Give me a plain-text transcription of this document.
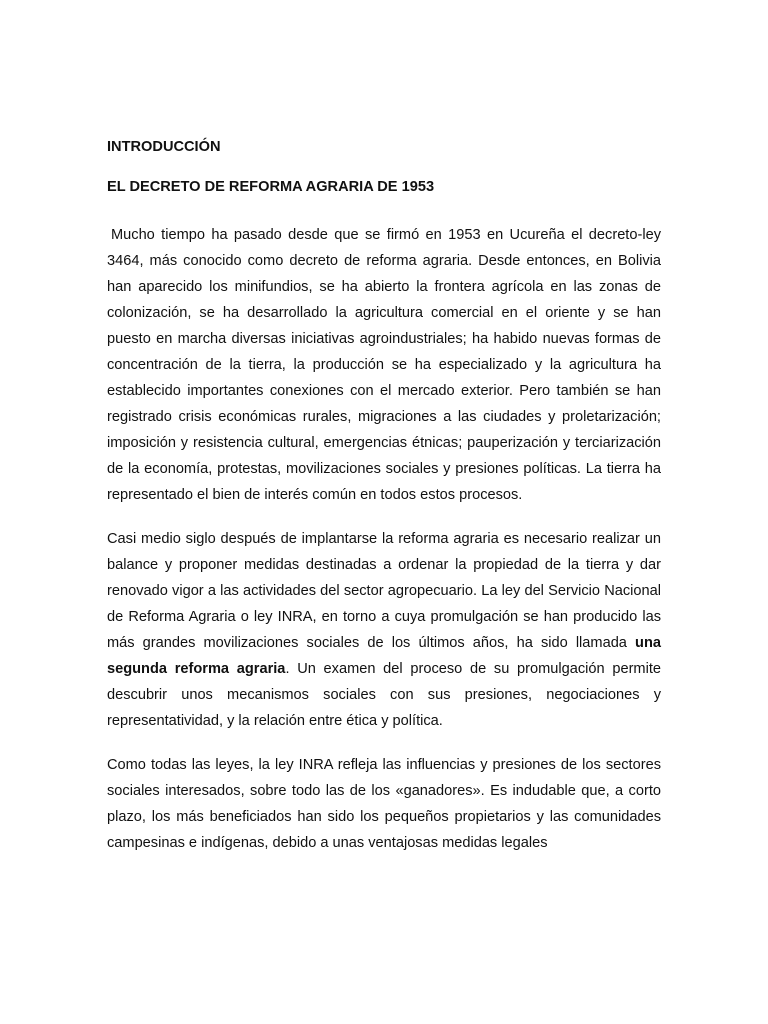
INTRODUCCIÓN

EL DECRETO DE REFORMA AGRARIA DE 1953

Mucho tiempo ha pasado desde que se firmó en 1953 en Ucureña el decreto-ley 3464, más conocido como decreto de reforma agraria. Desde entonces, en Bolivia han aparecido los minifundios, se ha abierto la frontera agrícola en las zonas de colonización, se ha desarrollado la agricultura comercial en el oriente y se han puesto en marcha diversas iniciativas agroindustriales; ha habido nuevas formas de concentración de la tierra, la producción se ha especializado y la agricultura ha establecido importantes conexiones con el mercado exterior. Pero también se han registrado crisis económicas rurales, migraciones a las ciudades y proletarización; imposición y resistencia cultural, emergencias étnicas; pauperización y terciarización de la economía, protestas, movilizaciones sociales y presiones políticas. La tierra ha representado el bien de interés común en todos estos procesos.

Casi medio siglo después de implantarse la reforma agraria es necesario realizar un balance y proponer medidas destinadas a ordenar la propiedad de la tierra y dar renovado vigor a las actividades del sector agropecuario. La ley del Servicio Nacional de Reforma Agraria o ley INRA, en torno a cuya promulgación se han producido las más grandes movilizaciones sociales de los últimos años, ha sido llamada una segunda reforma agraria. Un examen del proceso de su promulgación permite descubrir unos mecanismos sociales con sus presiones, negociaciones y representatividad, y la relación entre ética y política.

Como todas las leyes, la ley INRA refleja las influencias y presiones de los sectores sociales interesados, sobre todo las de los «ganadores». Es indudable que, a corto plazo, los más beneficiados han sido los pequeños propietarios y las comunidades campesinas e indígenas, debido a unas ventajosas medidas legales
